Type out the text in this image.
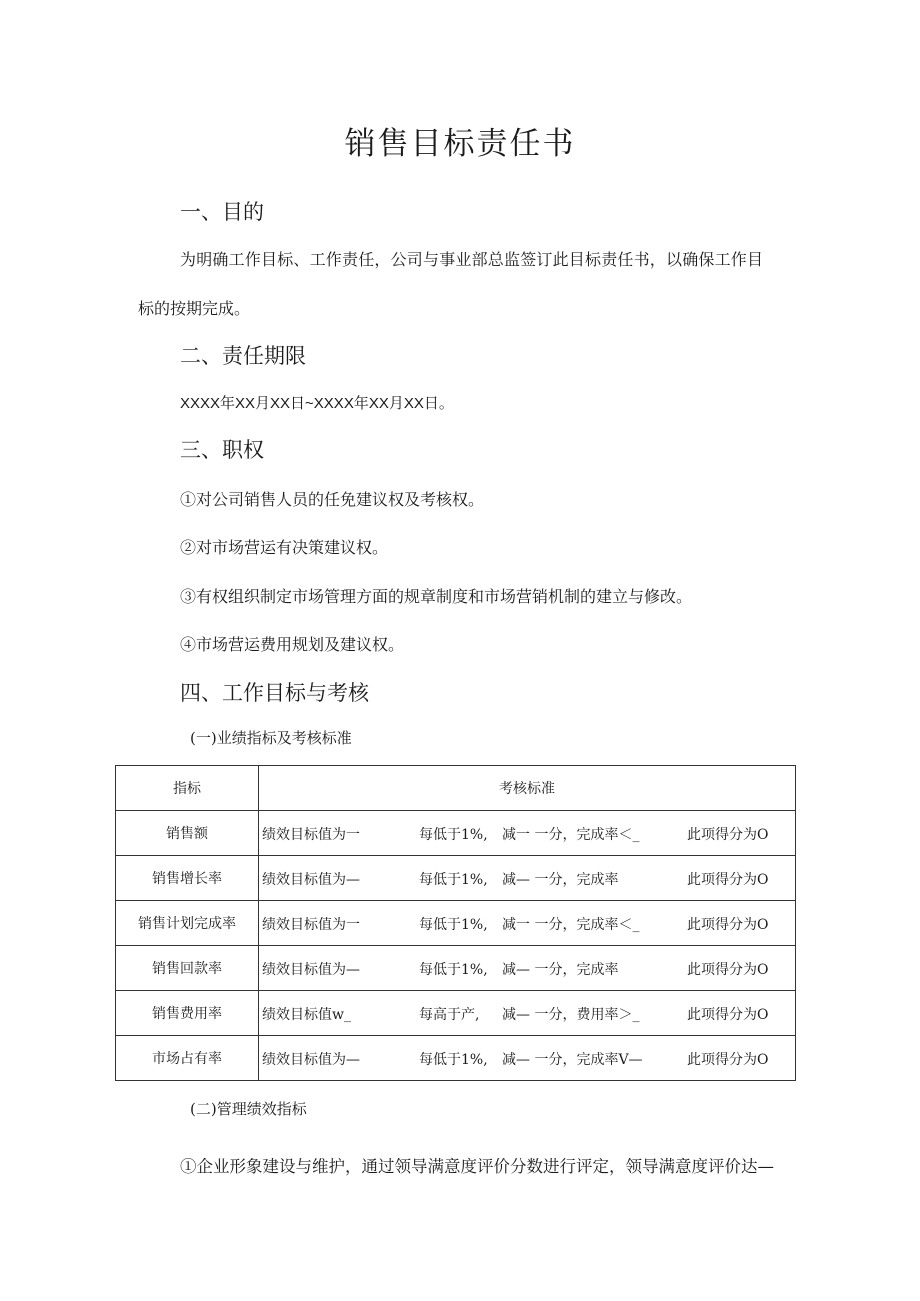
销售目标责任书
一、目的
为明确工作目标、工作责任，公司与事业部总监签订此目标责任书，以确保工作目
标的按期完成。
二、责任期限
XXXX年XX月XX日~XXXX年XX月XX日。
三、职权
①对公司销售人员的任免建议权及考核权。
②对市场营运有决策建议权。
③有权组织制定市场管理方面的规章制度和市场营销机制的建立与修改。
④市场营运费用规划及建议权。
四、工作目标与考核
(一)业绩指标及考核标准
指标	考核标准
销售额	绩效目标值为一 每低于1%, 减一 一分，完成率＜_ 此项得分为O

销售增长率	绩效目标值为— 每低于1%, 减— 一分，完成率 此项得分为O

销售计划完成率	绩效目标值为一 每低于1%, 减一 一分，完成率＜_ 此项得分为O

销售回款率	绩效目标值为— 每低于1%, 减— 一分，完成率 此项得分为O

销售费用率	绩效目标值w_ 每高于产, 减— 一分，费用率＞_ 此项得分为O

市场占有率	绩效目标值为— 每低于1%, 减— 一分，完成率V— 此项得分为O
(二)管理绩效指标
①企业形象建设与维护，通过领导满意度评价分数进行评定，领导满意度评价达—
